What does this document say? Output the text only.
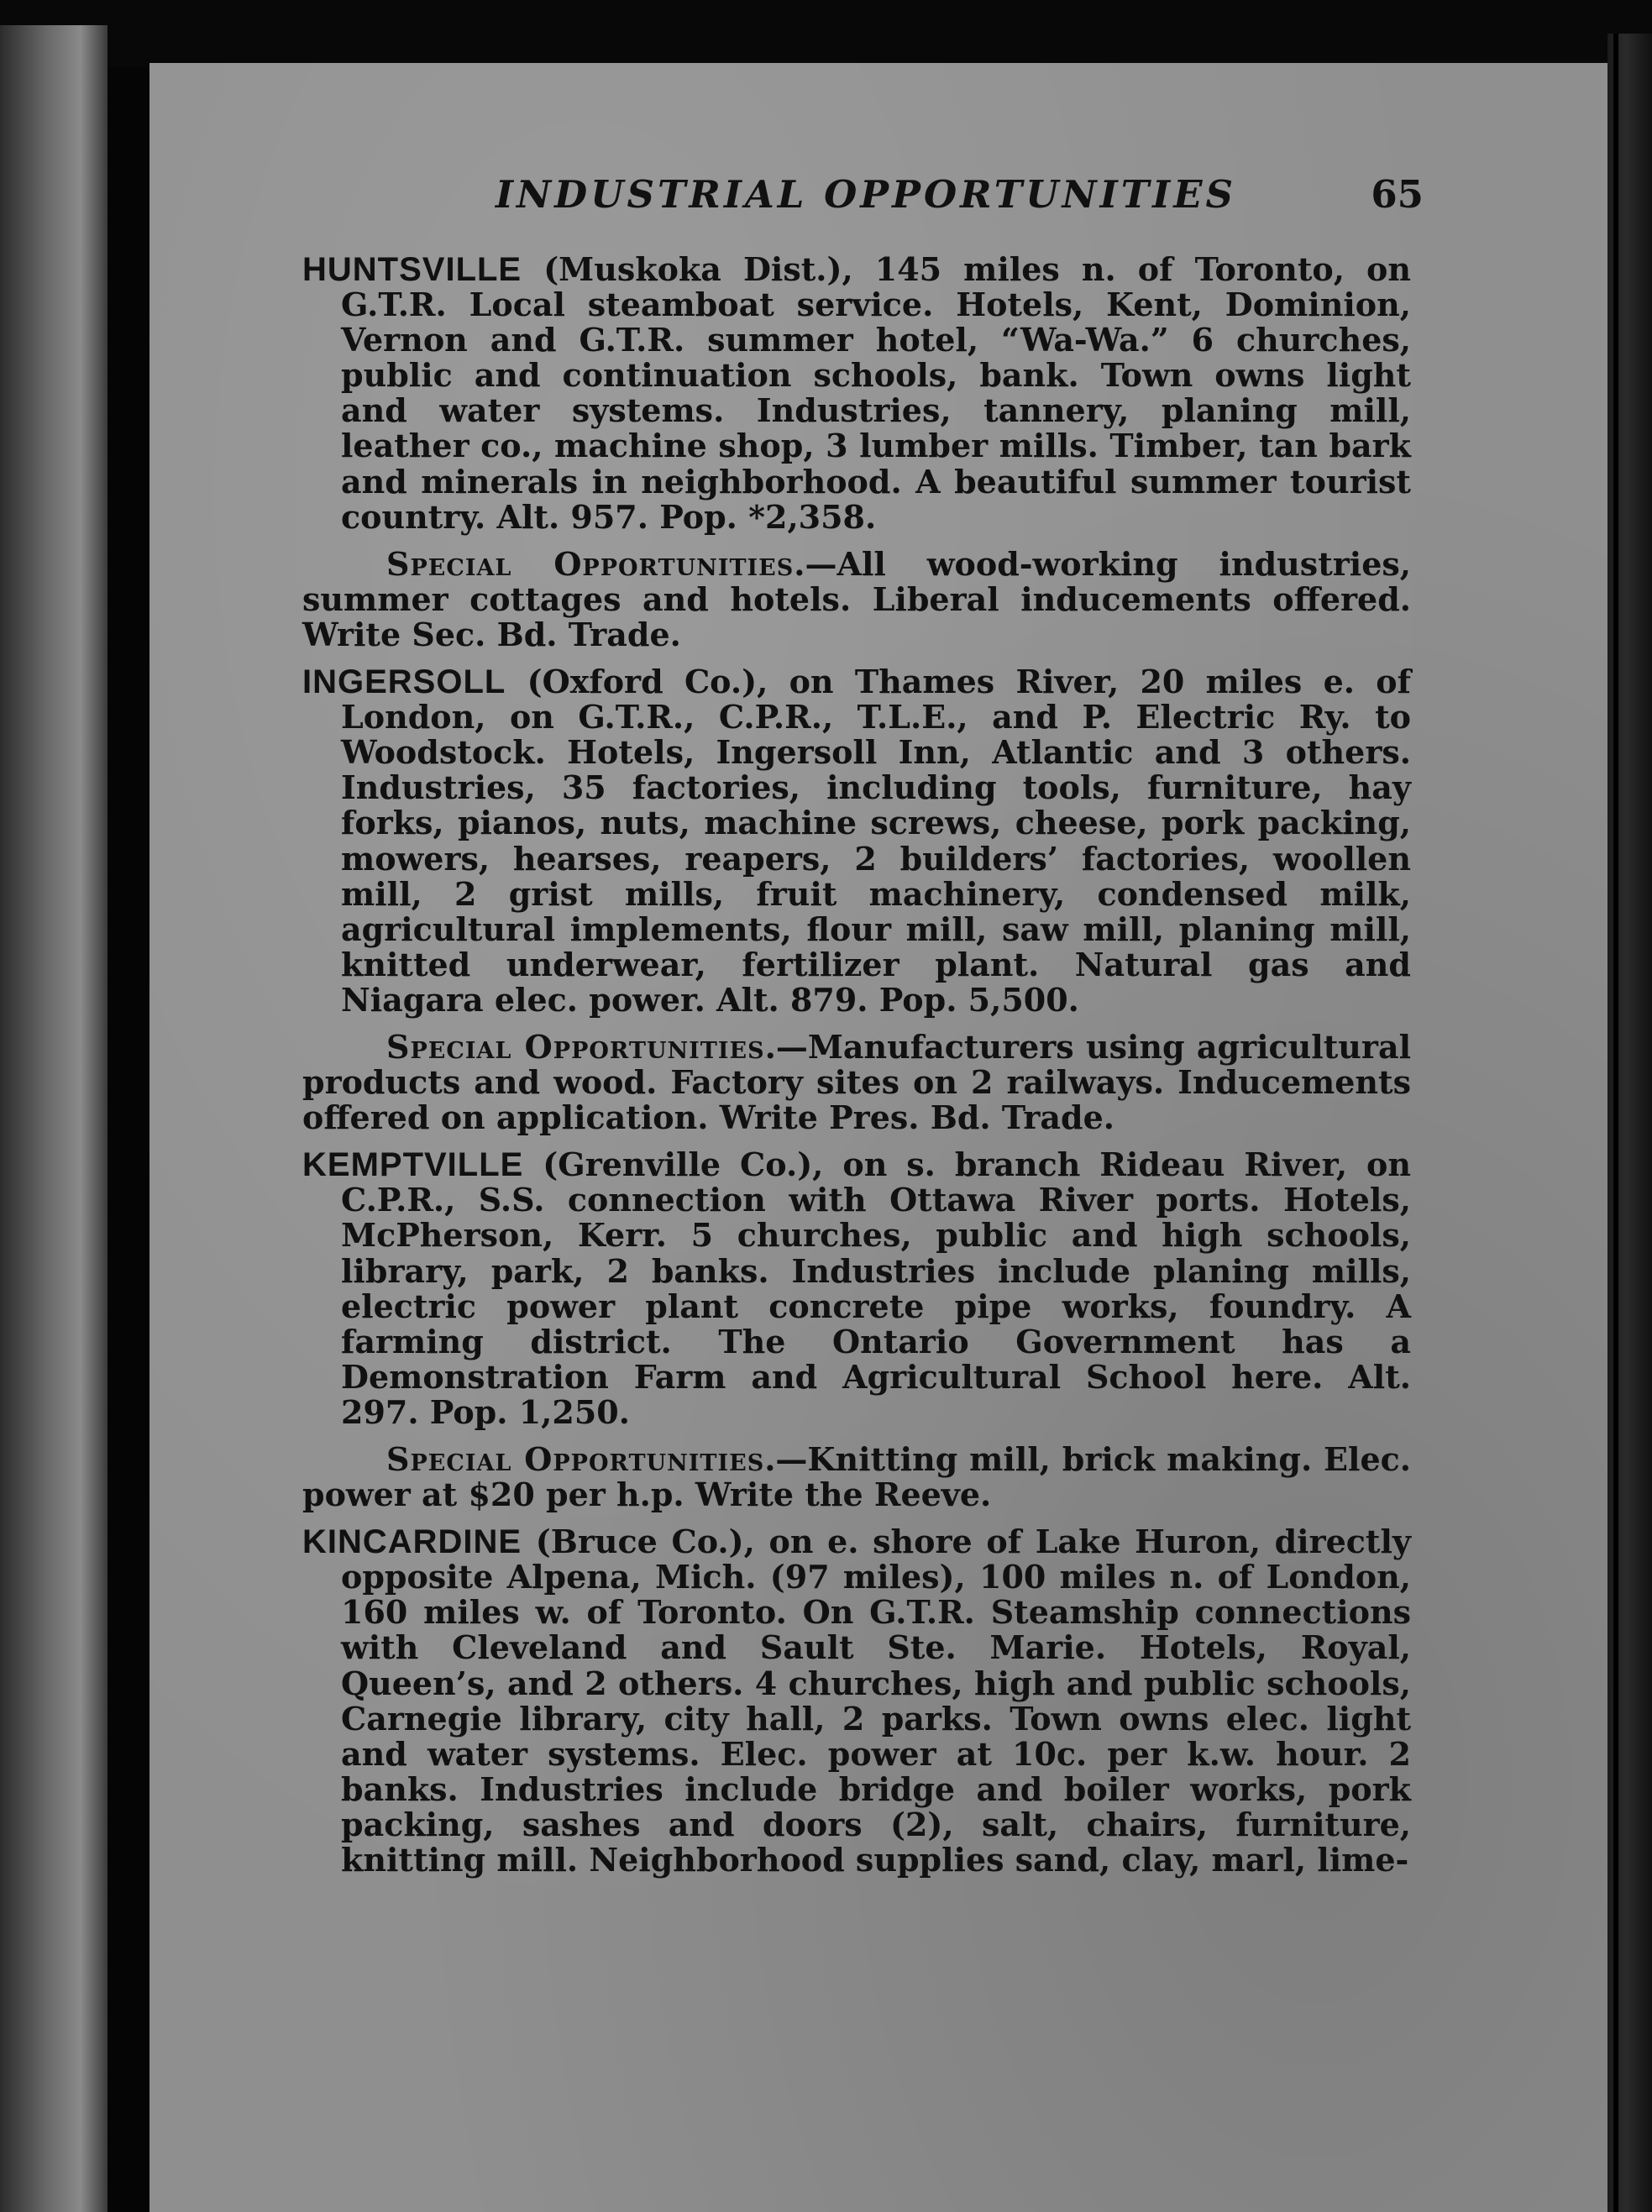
INDUSTRIAL OPPORTUNITIES	65

HUNTSVILLE (Muskoka Dist.), 145 miles n. of Toronto, on G.T.R. Local steamboat service. Hotels, Kent, Dominion, Vernon and G.T.R. summer hotel, “Wa-Wa.” 6 churches, public and continuation schools, bank. Town owns light and water systems. Industries, tannery, planing mill, leather co., machine shop, 3 lumber mills. Timber, tan bark and minerals in neighborhood. A beautiful summer tourist country. Alt. 957. Pop. *2,358.

Special Opportunities.—All wood-working industries, summer cottages and hotels. Liberal inducements offered. Write Sec. Bd. Trade.

INGERSOLL (Oxford Co.), on Thames River, 20 miles e. of London, on G.T.R., C.P.R., T.L.E., and P. Electric Ry. to Woodstock. Hotels, Ingersoll Inn, Atlantic and 3 others. Industries, 35 factories, including tools, furniture, hay forks, pianos, nuts, machine screws, cheese, pork packing, mowers, hearses, reapers, 2 builders’ factories, woollen mill, 2 grist mills, fruit machinery, condensed milk, agricultural implements, flour mill, saw mill, planing mill, knitted underwear, fertilizer plant. Natural gas and Niagara elec. power. Alt. 879. Pop. 5,500.

Special Opportunities.—Manufacturers using agricultural products and wood. Factory sites on 2 railways. Inducements offered on application. Write Pres. Bd. Trade.

KEMPTVILLE (Grenville Co.), on s. branch Rideau River, on C.P.R., S.S. connection with Ottawa River ports. Hotels, McPherson, Kerr. 5 churches, public and high schools, library, park, 2 banks. Industries include planing mills, electric power plant concrete pipe works, foundry. A farming district. The Ontario Government has a Demonstration Farm and Agricultural School here. Alt. 297. Pop. 1,250.

Special Opportunities.—Knitting mill, brick making. Elec. power at $20 per h.p. Write the Reeve.

KINCARDINE (Bruce Co.), on e. shore of Lake Huron, directly opposite Alpena, Mich. (97 miles), 100 miles n. of London, 160 miles w. of Toronto. On G.T.R. Steamship connections with Cleveland and Sault Ste. Marie. Hotels, Royal, Queen’s, and 2 others. 4 churches, high and public schools, Carnegie library, city hall, 2 parks. Town owns elec. light and water systems. Elec. power at 10c. per k.w. hour. 2 banks. Industries include bridge and boiler works, pork packing, sashes and doors (2), salt, chairs, furniture, knitting mill. Neighborhood supplies sand, clay, marl, lime-
